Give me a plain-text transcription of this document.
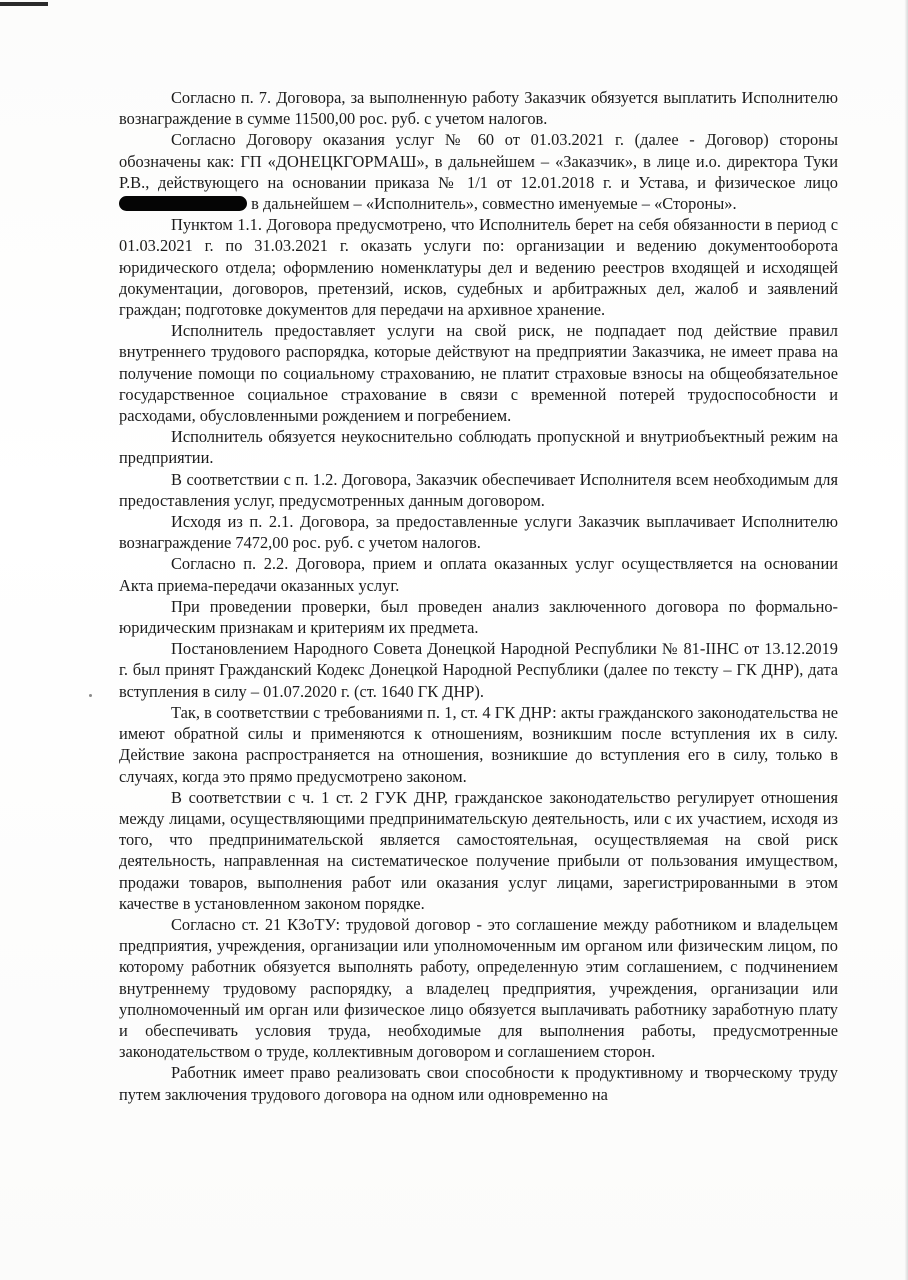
Согласно п. 7. Договора, за выполненную работу Заказчик обязуется выплатить Исполнителю вознаграждение в сумме 11500,00 рос. руб. с учетом налогов.

Согласно Договору оказания услуг № 60 от 01.03.2021 г. (далее - Договор) стороны обозначены как: ГП «ДОНЕЦКГОРМАШ», в дальнейшем – «Заказчик», в лице и.о. директора Туки Р.В., действующего на основании приказа № 1/1 от 12.01.2018 г. и Устава, и физическое лицо в дальнейшем – «Исполнитель», совместно именуемые – «Стороны».

Пунктом 1.1. Договора предусмотрено, что Исполнитель берет на себя обязанности в период с 01.03.2021 г. по 31.03.2021 г. оказать услуги по: организации и ведению документооборота юридического отдела; оформлению номенклатуры дел и ведению реестров входящей и исходящей документации, договоров, претензий, исков, судебных и арбитражных дел, жалоб и заявлений граждан; подготовке документов для передачи на архивное хранение.

Исполнитель предоставляет услуги на свой риск, не подпадает под действие правил внутреннего трудового распорядка, которые действуют на предприятии Заказчика, не имеет права на получение помощи по социальному страхованию, не платит страховые взносы на общеобязательное государственное социальное страхование в связи с временной потерей трудоспособности и расходами, обусловленными рождением и погребением.

Исполнитель обязуется неукоснительно соблюдать пропускной и внутриобъектный режим на предприятии.

В соответствии с п. 1.2. Договора, Заказчик обеспечивает Исполнителя всем необходимым для предоставления услуг, предусмотренных данным договором.

Исходя из п. 2.1. Договора, за предоставленные услуги Заказчик выплачивает Исполнителю вознаграждение 7472,00 рос. руб. с учетом налогов.

Согласно п. 2.2. Договора, прием и оплата оказанных услуг осуществляется на основании Акта приема-передачи оказанных услуг.

При проведении проверки, был проведен анализ заключенного договора по формально-юридическим признакам и критериям их предмета.

Постановлением Народного Совета Донецкой Народной Республики № 81-IIНС от 13.12.2019 г. был принят Гражданский Кодекс Донецкой Народной Республики (далее по тексту – ГК ДНР), дата вступления в силу – 01.07.2020 г. (ст. 1640 ГК ДНР).

Так, в соответствии с требованиями п. 1, ст. 4 ГК ДНР: акты гражданского законодательства не имеют обратной силы и применяются к отношениям, возникшим после вступления их в силу. Действие закона распространяется на отношения, возникшие до вступления его в силу, только в случаях, когда это прямо предусмотрено законом.

В соответствии с ч. 1 ст. 2 ГУК ДНР, гражданское законодательство регулирует отношения между лицами, осуществляющими предпринимательскую деятельность, или с их участием, исходя из того, что предпринимательской является самостоятельная, осуществляемая на свой риск деятельность, направленная на систематическое получение прибыли от пользования имуществом, продажи товаров, выполнения работ или оказания услуг лицами, зарегистрированными в этом качестве в установленном законом порядке.

Согласно ст. 21 КЗоТУ: трудовой договор - это соглашение между работником и владельцем предприятия, учреждения, организации или уполномоченным им органом или физическим лицом, по которому работник обязуется выполнять работу, определенную этим соглашением, с подчинением внутреннему трудовому распорядку, а владелец предприятия, учреждения, организации или уполномоченный им орган или физическое лицо обязуется выплачивать работнику заработную плату и обеспечивать условия труда, необходимые для выполнения работы, предусмотренные законодательством о труде, коллективным договором и соглашением сторон.

Работник имеет право реализовать свои способности к продуктивному и творческому труду путем заключения трудового договора на одном или одновременно на
